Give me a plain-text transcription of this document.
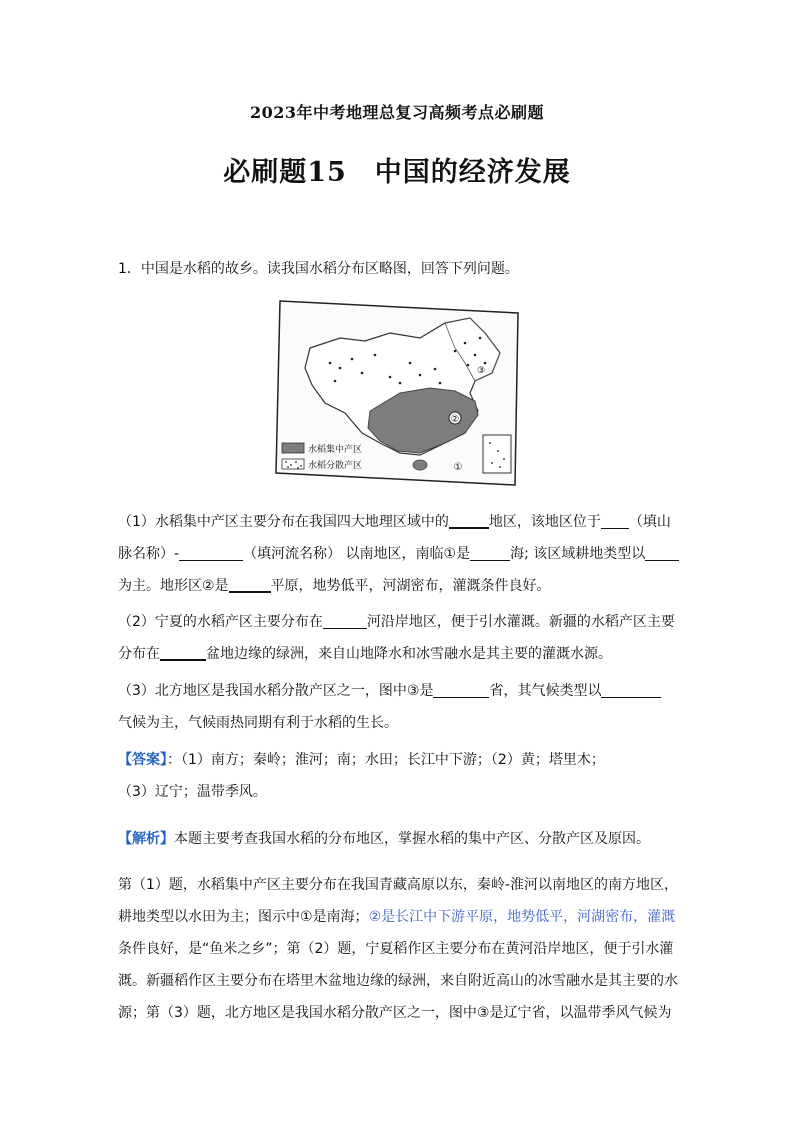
2023年中考地理总复习高频考点必刷题
必刷题15　中国的经济发展
1．中国是水稻的故乡。读我国水稻分布区略图，回答下列问题。
②
③
①
水稻集中产区
水稻分散产区
（1）水稻集中产区主要分布在我国四大地理区域中的	地区，该地区位于 （填山
脉名称）-	（填河流名称） 以南地区，南临①是	海; 该区域耕地类型以
为主。地形区②是	平原，地势低平，河湖密布，灌溉条件良好。
（2）宁夏的水稻产区主要分布在	河沿岸地区，便于引水灌溉。新疆的水稻产区主要
分布在	盆地边缘的绿洲，来自山地降水和冰雪融水是其主要的灌溉水源。
（3）北方地区是我国水稻分散产区之一，图中③是	省，其气候类型以
气候为主，气候雨热同期有利于水稻的生长。
【答案】：（1）南方；秦岭；淮河；南；水田；长江中下游；（2）黄；塔里木；
（3）辽宁；温带季风。
【解析】本题主要考查我国水稻的分布地区，掌握水稻的集中产区、分散产区及原因。
第（1）题，水稻集中产区主要分布在我国青藏高原以东，秦岭-淮河以南地区的南方地区，
耕地类型以水田为主；图示中①是南海；②是长江中下游平原，地势低平，河湖密布，灌溉
条件良好，是“鱼米之乡”；第（2）题，宁夏稻作区主要分布在黄河沿岸地区，便于引水灌
溉。新疆稻作区主要分布在塔里木盆地边缘的绿洲，来自附近高山的冰雪融水是其主要的水
源；第（3）题，北方地区是我国水稻分散产区之一，图中③是辽宁省，以温带季风气候为
